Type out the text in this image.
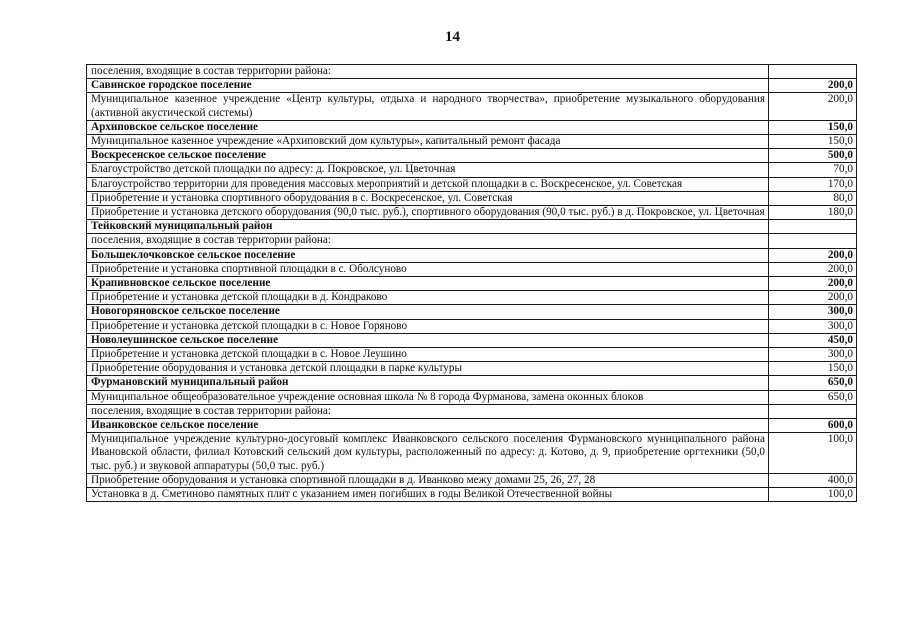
14
поселения, входящие в состав территории района:	
Савинское городское поселение	200,0
Муниципальное казенное учреждение «Центр культуры, отдыха и народного творчества», приобретение музыкального оборудования (активной акустической системы)	200,0
Архиповское сельское поселение	150,0
Муниципальное казенное учреждение «Архиповский дом культуры», капитальный ремонт фасада	150,0
Воскресенское сельское поселение	500,0
Благоустройство детской площадки по адресу: д. Покровское, ул. Цветочная	70,0
Благоустройство территории для проведения массовых мероприятий и детской площадки в с. Воскресенское, ул. Советская	170,0
Приобретение и установка спортивного оборудования в с. Воскресенское, ул. Советская	80,0
Приобретение и установка детского оборудования (90,0 тыс. руб.), спортивного оборудования (90,0 тыс. руб.) в д. Покровское, ул. Цветочная	180,0
Тейковский муниципальный район	
поселения, входящие в состав территории района:	
Большеклочковское сельское поселение	200,0
Приобретение и установка спортивной площадки в с. Оболсуново	200,0
Крапивновское сельское поселение	200,0
Приобретение и установка детской площадки в д. Кондраково	200,0
Новогоряновское сельское поселение	300,0
Приобретение и установка детской площадки в с. Новое Горяново	300,0
Новолеушинское сельское поселение	450,0
Приобретение и установка детской площадки в с. Новое Леушино	300,0
Приобретение оборудования и установка детской площадки в парке культуры	150,0
Фурмановский муниципальный район	650,0
Муниципальное общеобразовательное учреждение основная школа № 8 города Фурманова, замена оконных блоков	650,0
поселения, входящие в состав территории района:	
Иванковское сельское поселение	600,0
Муниципальное учреждение культурно-досуговый комплекс Иванковского сельского поселения Фурмановского муниципального района Ивановской области, филиал Котовский сельский дом культуры, расположенный по адресу: д. Котово, д. 9, приобретение оргтехники (50,0 тыс. руб.) и звуковой аппаратуры (50,0 тыс. руб.)	100,0
Приобретение оборудования и установка спортивной площадки в д. Иванково межу домами 25, 26, 27, 28	400,0
Установка в д. Сметиново памятных плит с указанием имен погибших в годы Великой Отечественной войны	100,0
